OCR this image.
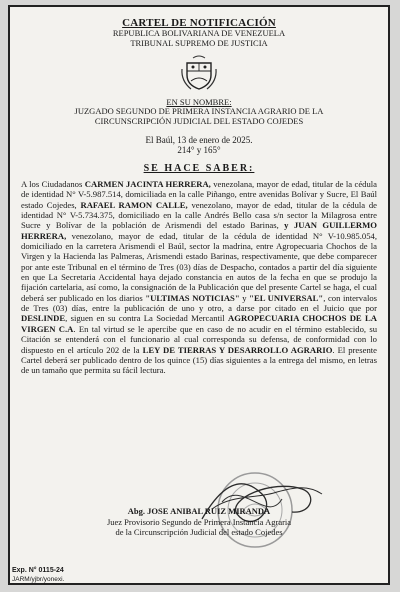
CARTEL DE NOTIFICACIÓN
REPUBLICA BOLIVARIANA DE VENEZUELA
TRIBUNAL SUPREMO DE JUSTICIA
EN SU NOMBRE:
JUZGADO SEGUNDO DE PRIMERA INSTANCIA AGRARIO DE LA
CIRCUNSCRIPCIÓN JUDICIAL DEL ESTADO COJEDES
El Baúl, 13 de enero de 2025.
214° y 165°
SE HACE SABER:
A los Ciudadanos CARMEN JACINTA HERRERA, venezolana, mayor de edad, titular de la cédula de identidad N° V-5.987.514, domiciliada en la calle Piñango, entre avenidas Bolívar y Sucre, El Baúl estado Cojedes, RAFAEL RAMON CALLE, venezolano, mayor de edad, titular de la cédula de identidad N° V-5.734.375, domiciliado en la calle Andrés Bello casa s/n sector la Milagrosa entre Sucre y Bolívar de la población de Arismendi del estado Barinas, y JUAN GUILLERMO HERRERA, venezolano, mayor de edad, titular de la cédula de identidad N° V-10.985.054, domiciliado en la carretera Arismendi el Baúl, sector la madrina, entre Agropecuaria Chochos de la Virgen y la Hacienda las Palmeras, Arismendi estado Barinas, respectivamente, que debe comparecer por ante este Tribunal en el término de Tres (03) días de Despacho, contados a partir del día siguiente en que La Secretaria Accidental haya dejado constancia en autos de la fecha en que se produjo la fijación cartelaria, así como, la consignación de la Publicación que del presente Cartel se haga, el cual deberá ser publicado en los diarios "ULTIMAS NOTICIAS" y "EL UNIVERSAL", con intervalos de Tres (03) días, entre la publicación de uno y otro, a darse por citado en el Juicio que por DESLINDE, siguen en su contra La Sociedad Mercantil AGROPECUARIA CHOCHOS DE LA VIRGEN C.A. En tal virtud se le apercibe que en caso de no acudir en el término establecido, su Citación se entenderá con el funcionario al cual corresponda su defensa, de conformidad con lo dispuesto en el artículo 202 de la LEY DE TIERRAS Y DESARROLLO AGRARIO. El presente Cartel deberá ser publicado dentro de los quince (15) días siguientes a la entrega del mismo, en letras de un tamaño que permita su fácil lectura.
Abg. JOSE ANIBAL RUIZ MIRANDA
Juez Provisorio Segundo de Primera Instancia Agraria
de la Circunscripción Judicial del estado Cojedes
Exp. N° 0115-24
JARM/yjbr/yonexi.
